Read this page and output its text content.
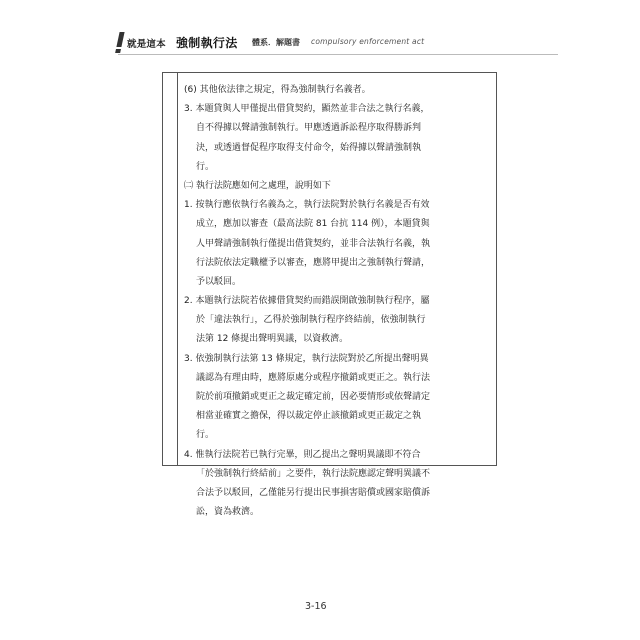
就是這本 強制執行法 體系．解題書 compulsory enforcement act
(6) 其他依法律之規定，得為強制執行名義者。
3. 本題貸與人甲僅提出借貸契約，顯然並非合法之執行名義，
自不得據以聲請強制執行。甲應透過訴訟程序取得勝訴判
決，或透過督促程序取得支付命令，始得據以聲請強制執
行。
㈡ 執行法院應如何之處理，說明如下
1. 按執行應依執行名義為之，執行法院對於執行名義是否有效
成立，應加以審查（最高法院 81 台抗 114 例），本題貸與
人甲聲請強制執行僅提出借貸契約，並非合法執行名義，執
行法院依法定職權予以審查，應將甲提出之強制執行聲請，
予以駁回。
2. 本題執行法院若依據借貸契約而錯誤開啟強制執行程序，屬
於「違法執行」，乙得於強制執行程序終結前，依強制執行
法第 12 條提出聲明異議，以資救濟。
3. 依強制執行法第 13 條規定，執行法院對於乙所提出聲明異
議認為有理由時，應將原處分或程序撤銷或更正之。執行法
院於前項撤銷或更正之裁定確定前，因必要情形或依聲請定
相當並確實之擔保，得以裁定停止該撤銷或更正裁定之執
行。
4. 惟執行法院若已執行完畢，則乙提出之聲明異議即不符合
「於強制執行終結前」之要件，執行法院應認定聲明異議不
合法予以駁回，乙僅能另行提出民事損害賠償或國家賠償訴
訟，資為救濟。
3-16
